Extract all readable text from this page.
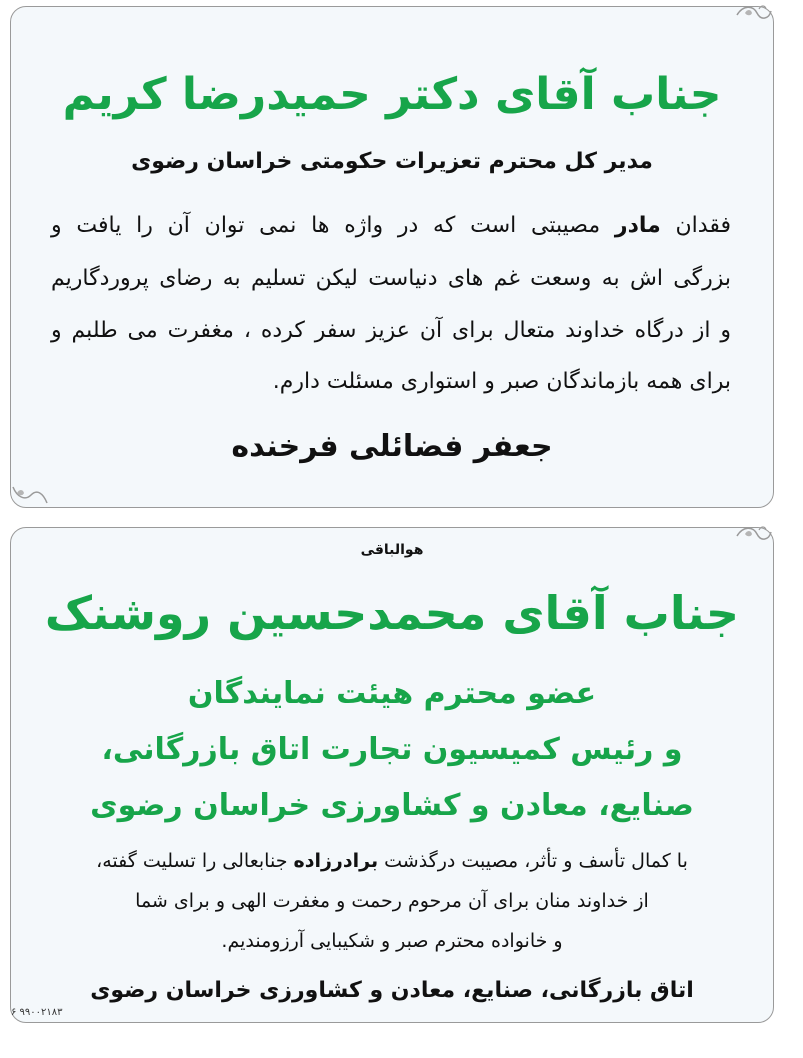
جناب آقای دکتر حمیدرضا کریم
مدیر کل محترم تعزیرات حکومتی خراسان رضوی
فقدان مادر مصیبتی است که در واژه ها نمی توان آن را یافت و
بزرگی اش به وسعت غم های دنیاست لیکن تسلیم به رضای پروردگاریم
و از درگاه خداوند متعال برای آن عزیز سفر کرده ، مغفرت می طلبم و
برای همه بازماندگان صبر و استواری مسئلت دارم.
جعفر فضائلی فرخنده
هوالباقی
جناب آقای محمدحسین روشنک
عضو محترم هیئت نمایندگان
و رئیس کمیسیون تجارت اتاق بازرگانی،
صنایع، معادن و کشاورزی خراسان رضوی
با کمال تأسف و تأثر، مصیبت درگذشت برادرزاده جنابعالی را تسلیت گفته،
از خداوند منان برای آن مرحوم رحمت و مغفرت الهی و برای شما
و خانواده محترم صبر و شکیبایی آرزومندیم.
اتاق بازرگانی، صنایع، معادن و کشاورزی خراسان رضوی
۶ ۹۹۰۰۲۱۸۳
